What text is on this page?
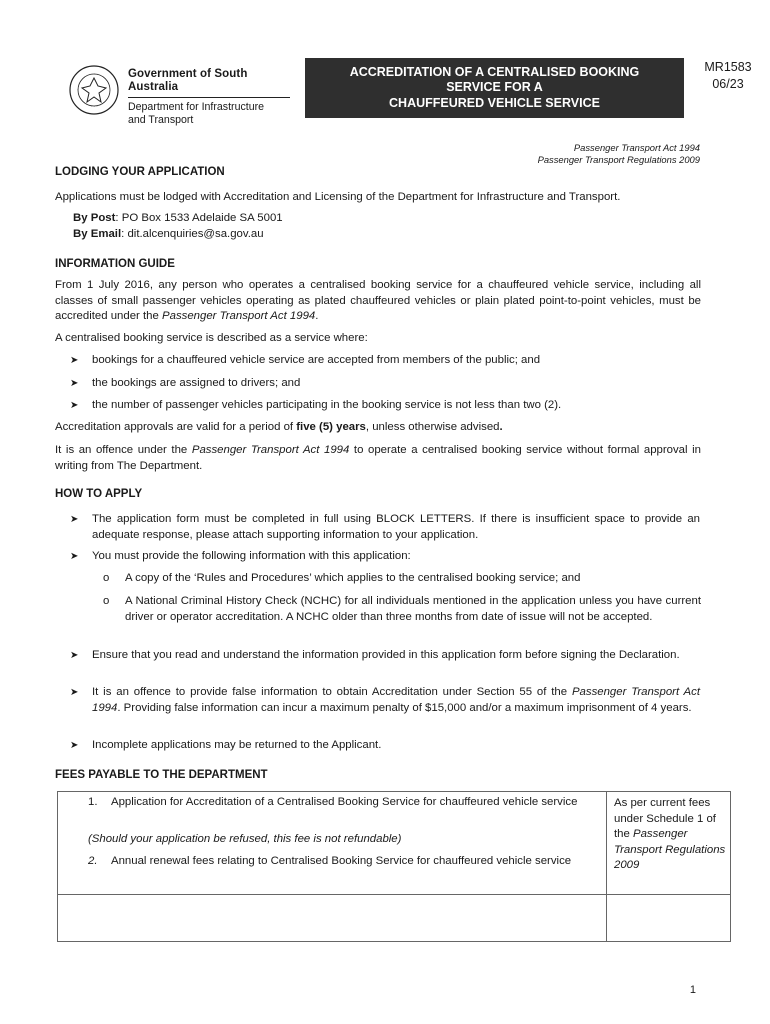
Government of South Australia
Department for Infrastructure
and Transport
ACCREDITATION OF A CENTRALISED BOOKING
SERVICE FOR A
CHAUFFEURED VEHICLE SERVICE
MR1583
06/23
Passenger Transport Act 1994
Passenger Transport Regulations 2009
LODGING YOUR APPLICATION
Applications must be lodged with Accreditation and Licensing of the Department for Infrastructure and Transport.
By Post: PO Box 1533 Adelaide SA 5001
By Email: dit.alcenquiries@sa.gov.au
INFORMATION GUIDE
From 1 July 2016, any person who operates a centralised booking service for a chauffeured vehicle service, including all classes of small passenger vehicles operating as plated chauffeured vehicles or plain plated point-to-point vehicles, must be accredited under the Passenger Transport Act 1994.
A centralised booking service is described as a service where:
➤ bookings for a chauffeured vehicle service are accepted from members of the public; and
➤ the bookings are assigned to drivers; and
➤ the number of passenger vehicles participating in the booking service is not less than two (2).
Accreditation approvals are valid for a period of five (5) years, unless otherwise advised.
It is an offence under the Passenger Transport Act 1994 to operate a centralised booking service without formal approval in writing from The Department.
HOW TO APPLY
➤ The application form must be completed in full using BLOCK LETTERS. If there is insufficient space to provide an adequate response, please attach supporting information to your application.
➤ You must provide the following information with this application:
o A copy of the ‘Rules and Procedures’ which applies to the centralised booking service; and
o A National Criminal History Check (NCHC) for all individuals mentioned in the application unless you have current driver or operator accreditation. A NCHC older than three months from date of issue will not be accepted.
➤ Ensure that you read and understand the information provided in this application form before signing the Declaration.
➤ It is an offence to provide false information to obtain Accreditation under Section 55 of the Passenger Transport Act 1994. Providing false information can incur a maximum penalty of $15,000 and/or a maximum imprisonment of 4 years.
➤ Incomplete applications may be returned to the Applicant.
FEES PAYABLE TO THE DEPARTMENT
1. Application for Accreditation of a Centralised Booking Service for chauffeured vehicle service
(Should your application be refused, this fee is not refundable)
2. Annual renewal fees relating to Centralised Booking Service for chauffeured vehicle service
As per current fees under Schedule 1 of the Passenger Transport Regulations 2009
1
